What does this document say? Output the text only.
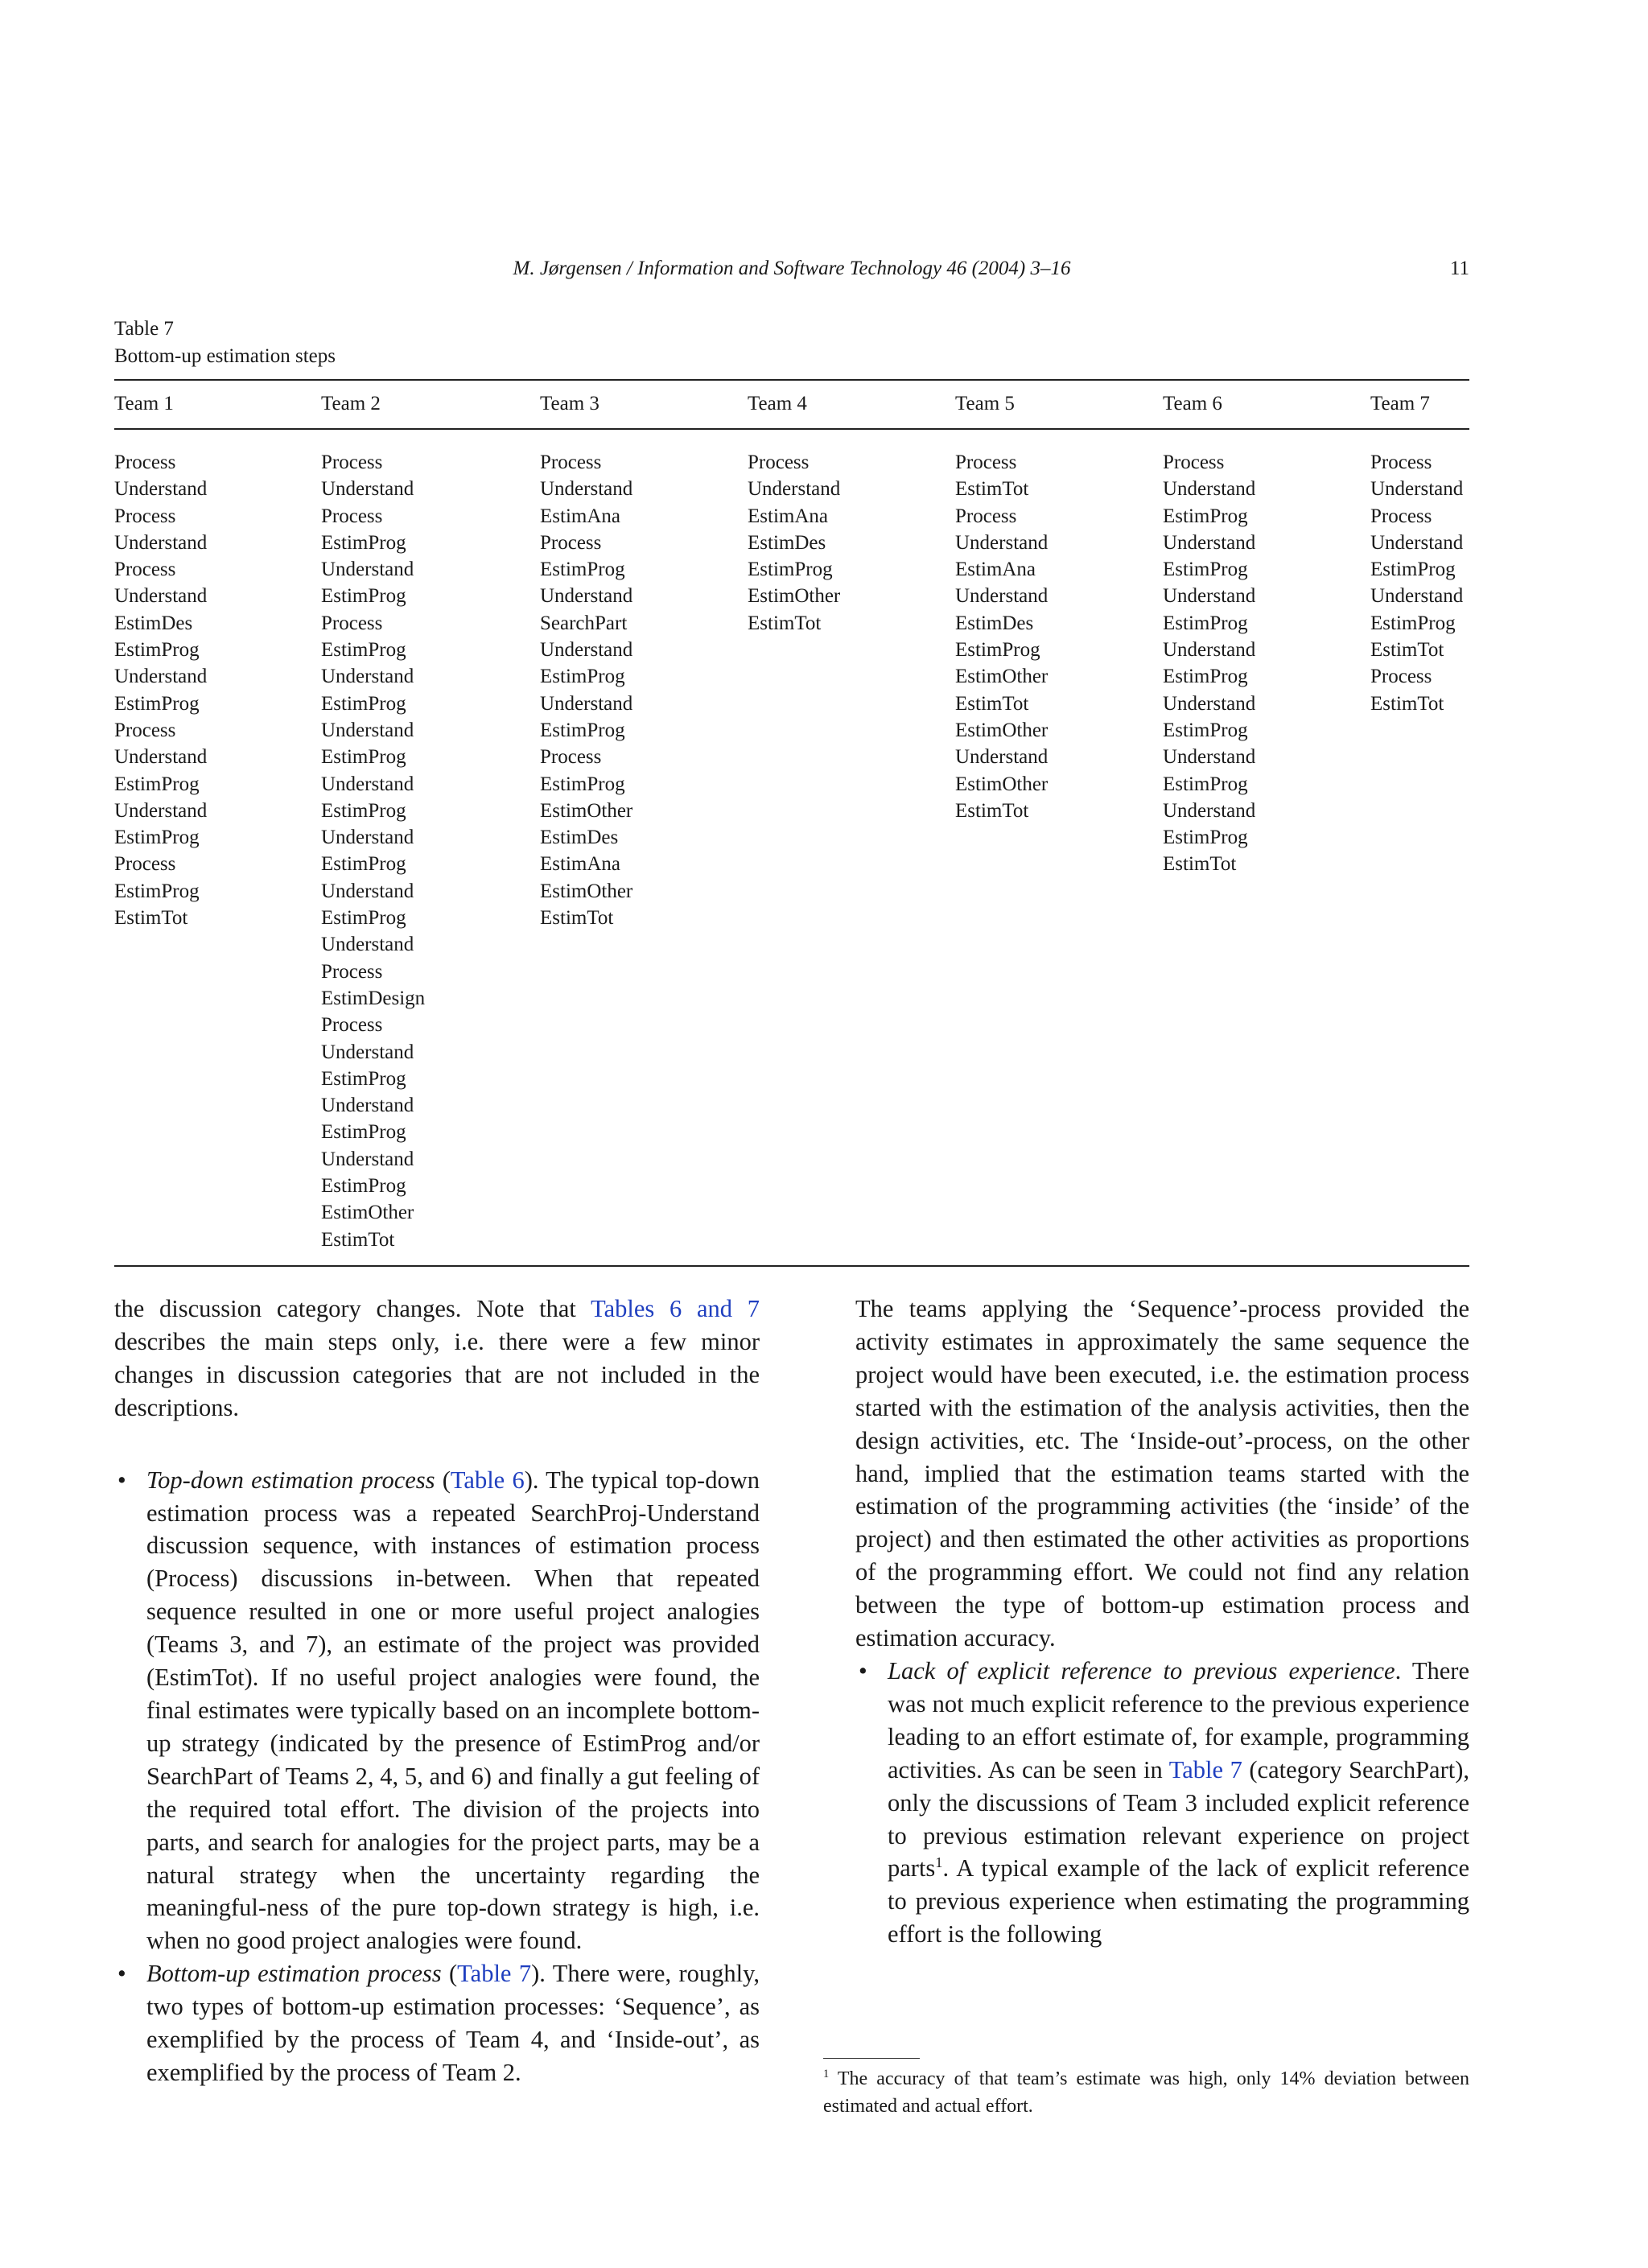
M. Jørgensen / Information and Software Technology 46 (2004) 3–16	11
Table 7
Bottom-up estimation steps
Team 1
Process
Understand
Process
Understand
Process
Understand
EstimDes
EstimProg
Understand
EstimProg
Process
Understand
EstimProg
Understand
EstimProg
Process
EstimProg
EstimTot
Team 2
Process
Understand
Process
EstimProg
Understand
EstimProg
Process
EstimProg
Understand
EstimProg
Understand
EstimProg
Understand
EstimProg
Understand
EstimProg
Understand
EstimProg
Understand
Process
EstimDesign
Process
Understand
EstimProg
Understand
EstimProg
Understand
EstimProg
EstimOther
EstimTot
Team 3
Process
Understand
EstimAna
Process
EstimProg
Understand
SearchPart
Understand
EstimProg
Understand
EstimProg
Process
EstimProg
EstimOther
EstimDes
EstimAna
EstimOther
EstimTot
Team 4
Process
Understand
EstimAna
EstimDes
EstimProg
EstimOther
EstimTot
Team 5
Process
EstimTot
Process
Understand
EstimAna
Understand
EstimDes
EstimProg
EstimOther
EstimTot
EstimOther
Understand
EstimOther
EstimTot
Team 6
Process
Understand
EstimProg
Understand
EstimProg
Understand
EstimProg
Understand
EstimProg
Understand
EstimProg
Understand
EstimProg
Understand
EstimProg
EstimTot
Team 7
Process
Understand
Process
Understand
EstimProg
Understand
EstimProg
EstimTot
Process
EstimTot

the discussion category changes. Note that Tables 6 and 7 describes the main steps only, i.e. there were a few minor changes in discussion categories that are not included in the descriptions.

• Top-down estimation process (Table 6). The typical top-down estimation process was a repeated SearchProj-Understand discussion sequence, with instances of estimation process (Process) discussions in-between. When that repeated sequence resulted in one or more useful project analogies (Teams 3, and 7), an estimate of the project was provided (EstimTot). If no useful project analogies were found, the final estimates were typically based on an incomplete bottom-up strategy (indicated by the presence of EstimProg and/or SearchPart of Teams 2, 4, 5, and 6) and finally a gut feeling of the required total effort. The division of the projects into parts, and search for analogies for the project parts, may be a natural strategy when the uncertainty regarding the meaningful-ness of the pure top-down strategy is high, i.e. when no good project analogies were found.

• Bottom-up estimation process (Table 7). There were, roughly, two types of bottom-up estimation processes: ‘Sequence’, as exemplified by the process of Team 4, and ‘Inside-out’, as exemplified by the process of Team 2.

The teams applying the ‘Sequence’-process provided the activity estimates in approximately the same sequence the project would have been executed, i.e. the estimation process started with the estimation of the analysis activities, then the design activities, etc. The ‘Inside-out’-process, on the other hand, implied that the estimation teams started with the estimation of the programming activities (the ‘inside’ of the project) and then estimated the other activities as proportions of the programming effort. We could not find any relation between the type of bottom-up estimation process and estimation accuracy.

• Lack of explicit reference to previous experience. There was not much explicit reference to the previous experience leading to an effort estimate of, for example, programming activities. As can be seen in Table 7 (category SearchPart), only the discussions of Team 3 included explicit reference to previous estimation relevant experience on project parts$^1$. A typical example of the lack of explicit reference to previous experience when estimating the programming effort is the following

$^1$ The accuracy of that team’s estimate was high, only 14% deviation between estimated and actual effort.
